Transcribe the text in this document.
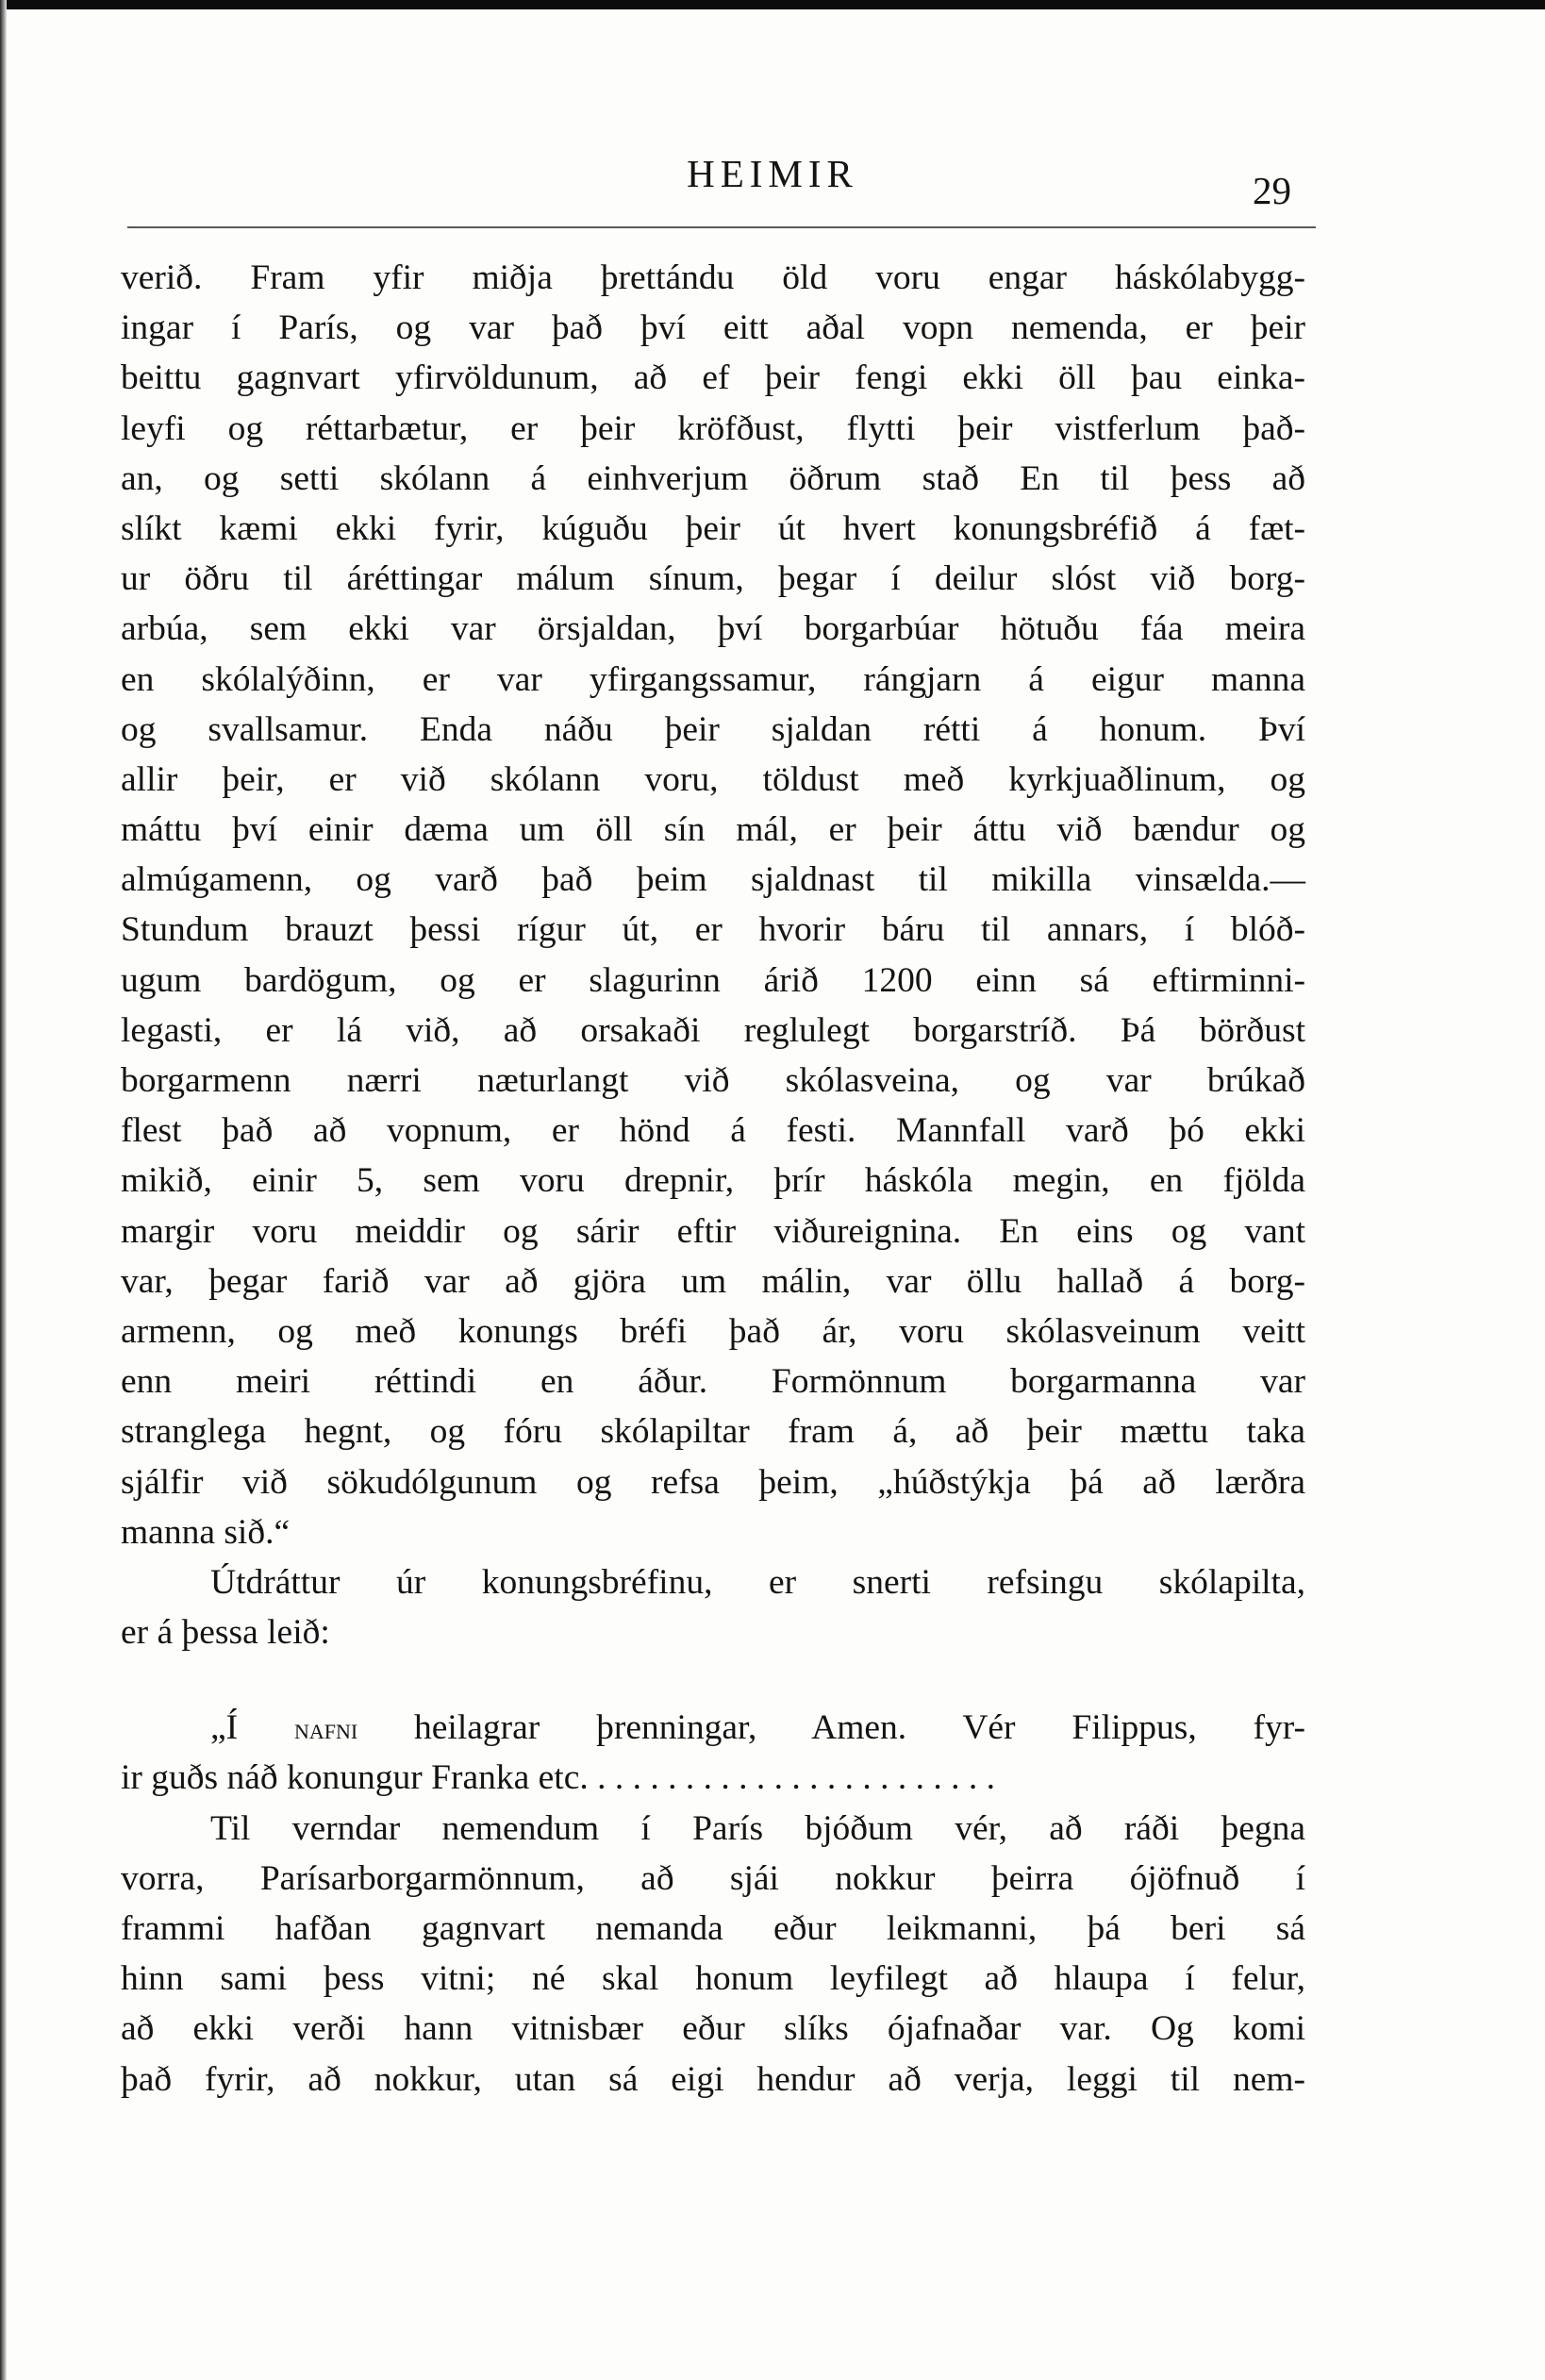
HEIMIR	29
verið. Fram yfir miðja þrettándu öld voru engar háskólabygg-
ingar í París, og var það því eitt aðal vopn nemenda, er þeir
beittu gagnvart yfirvöldunum, að ef þeir fengi ekki öll þau einka-
leyfi og réttarbætur, er þeir kröfðust, flytti þeir vistferlum það-
an, og setti skólann á einhverjum öðrum stað En til þess að
slíkt kæmi ekki fyrir, kúguðu þeir út hvert konungsbréfið á fæt-
ur öðru til áréttingar málum sínum, þegar í deilur slóst við borg-
arbúa, sem ekki var örsjaldan, því borgarbúar hötuðu fáa meira
en skólalýðinn, er var yfirgangssamur, rángjarn á eigur manna
og svallsamur. Enda náðu þeir sjaldan rétti á honum. Því
allir þeir, er við skólann voru, töldust með kyrkjuaðlinum, og
máttu því einir dæma um öll sín mál, er þeir áttu við bændur og
almúgamenn, og varð það þeim sjaldnast til mikilla vinsælda.—
Stundum brauzt þessi rígur út, er hvorir báru til annars, í blóð-
ugum bardögum, og er slagurinn árið 1200 einn sá eftirminni-
legasti, er lá við, að orsakaði reglulegt borgarstríð. Þá börðust
borgarmenn nærri næturlangt við skólasveina, og var brúkað
flest það að vopnum, er hönd á festi. Mannfall varð þó ekki
mikið, einir 5, sem voru drepnir, þrír háskóla megin, en fjölda
margir voru meiddir og sárir eftir viðureignina. En eins og vant
var, þegar farið var að gjöra um málin, var öllu hallað á borg-
armenn, og með konungs bréfi það ár, voru skólasveinum veitt
enn meiri réttindi en áður. Formönnum borgarmanna var
stranglega hegnt, og fóru skólapiltar fram á, að þeir mættu taka
sjálfir við sökudólgunum og refsa þeim, „húðstýkja þá að lærðra
manna sið.“
Útdráttur úr konungsbréfinu, er snerti refsingu skólapilta,
er á þessa leið:
„Í nafni heilagrar þrenningar, Amen. Vér Filippus, fyr-
ir guðs náð konungur Franka etc. . . . . . . . . . . . . . . . . . . . . . . .
Til verndar nemendum í París bjóðum vér, að ráði þegna
vorra, Parísarborgarmönnum, að sjái nokkur þeirra ójöfnuð í
frammi hafðan gagnvart nemanda eður leikmanni, þá beri sá
hinn sami þess vitni; né skal honum leyfilegt að hlaupa í felur,
að ekki verði hann vitnisbær eður slíks ójafnaðar var. Og komi
það fyrir, að nokkur, utan sá eigi hendur að verja, leggi til nem-
